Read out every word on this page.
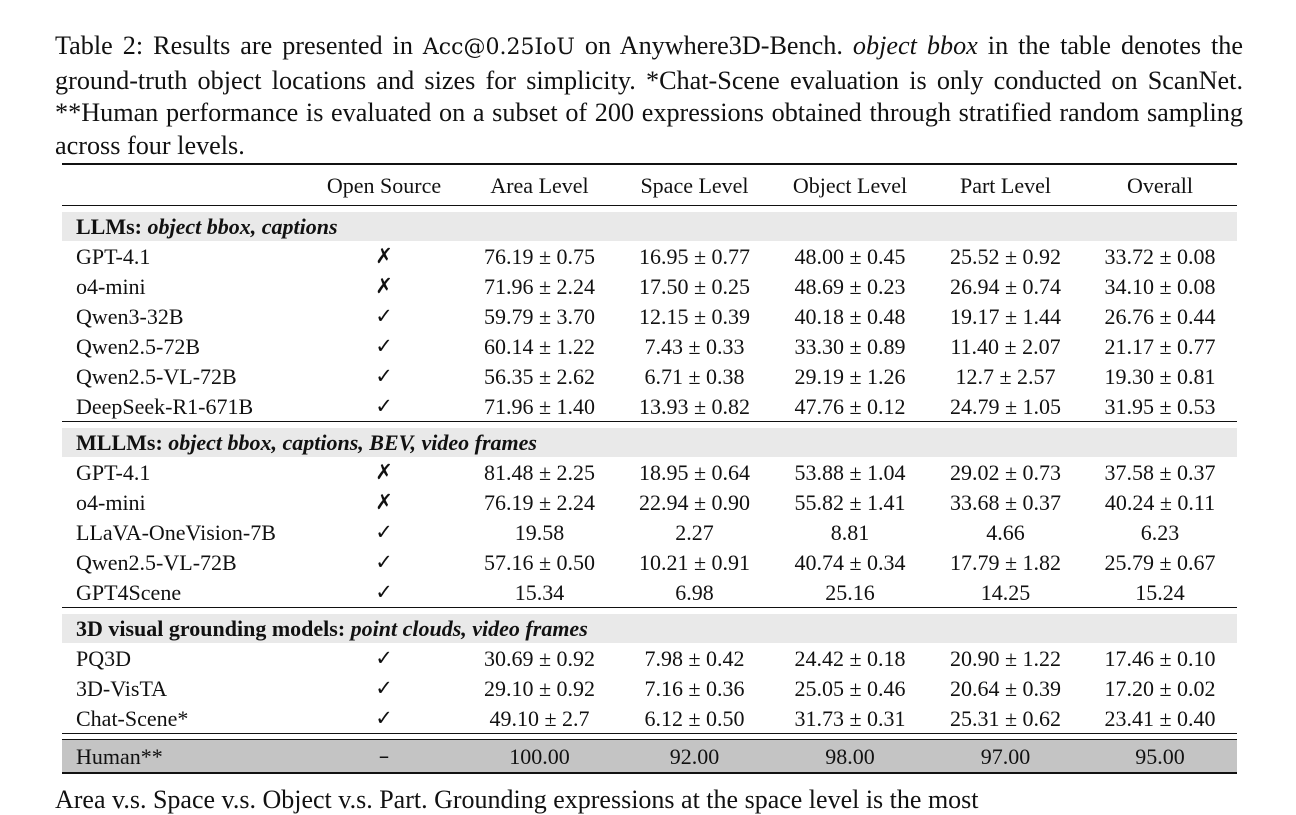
Table 2: Results are presented in Acc@0.25IoU on Anywhere3D-Bench. object bbox in the table denotes the ground-truth object locations and sizes for simplicity. *Chat-Scene evaluation is only conducted on ScanNet. **Human performance is evaluated on a subset of 200 expressions obtained through stratified random sampling across four levels.
	Open Source	Area Level	Space Level	Object Level	Part Level	Overall

LLMs: object bbox, captions						
GPT-4.1	✗	76.19 ± 0.75	16.95 ± 0.77	48.00 ± 0.45	25.52 ± 0.92	33.72 ± 0.08
o4-mini	✗	71.96 ± 2.24	17.50 ± 0.25	48.69 ± 0.23	26.94 ± 0.74	34.10 ± 0.08
Qwen3-32B	✓	59.79 ± 3.70	12.15 ± 0.39	40.18 ± 0.48	19.17 ± 1.44	26.76 ± 0.44
Qwen2.5-72B	✓	60.14 ± 1.22	7.43 ± 0.33	33.30 ± 0.89	11.40 ± 2.07	21.17 ± 0.77
Qwen2.5-VL-72B	✓	56.35 ± 2.62	6.71 ± 0.38	29.19 ± 1.26	12.7 ± 2.57	19.30 ± 0.81
DeepSeek-R1-671B	✓	71.96 ± 1.40	13.93 ± 0.82	47.76 ± 0.12	24.79 ± 1.05	31.95 ± 0.53

MLLMs: object bbox, captions, BEV, video frames						
GPT-4.1	✗	81.48 ± 2.25	18.95 ± 0.64	53.88 ± 1.04	29.02 ± 0.73	37.58 ± 0.37
o4-mini	✗	76.19 ± 2.24	22.94 ± 0.90	55.82 ± 1.41	33.68 ± 0.37	40.24 ± 0.11
LLaVA-OneVision-7B	✓	19.58	2.27	8.81	4.66	6.23
Qwen2.5-VL-72B	✓	57.16 ± 0.50	10.21 ± 0.91	40.74 ± 0.34	17.79 ± 1.82	25.79 ± 0.67
GPT4Scene	✓	15.34	6.98	25.16	14.25	15.24

3D visual grounding models: point clouds, video frames						
PQ3D	✓	30.69 ± 0.92	7.98 ± 0.42	24.42 ± 0.18	20.90 ± 1.22	17.46 ± 0.10
3D-VisTA	✓	29.10 ± 0.92	7.16 ± 0.36	25.05 ± 0.46	20.64 ± 0.39	17.20 ± 0.02
Chat-Scene*	✓	49.10 ± 2.7	6.12 ± 0.50	31.73 ± 0.31	25.31 ± 0.62	23.41 ± 0.40

Human**	–	100.00	92.00	98.00	97.00	95.00
Area v.s. Space v.s. Object v.s. Part. Grounding expressions at the space level is the most
